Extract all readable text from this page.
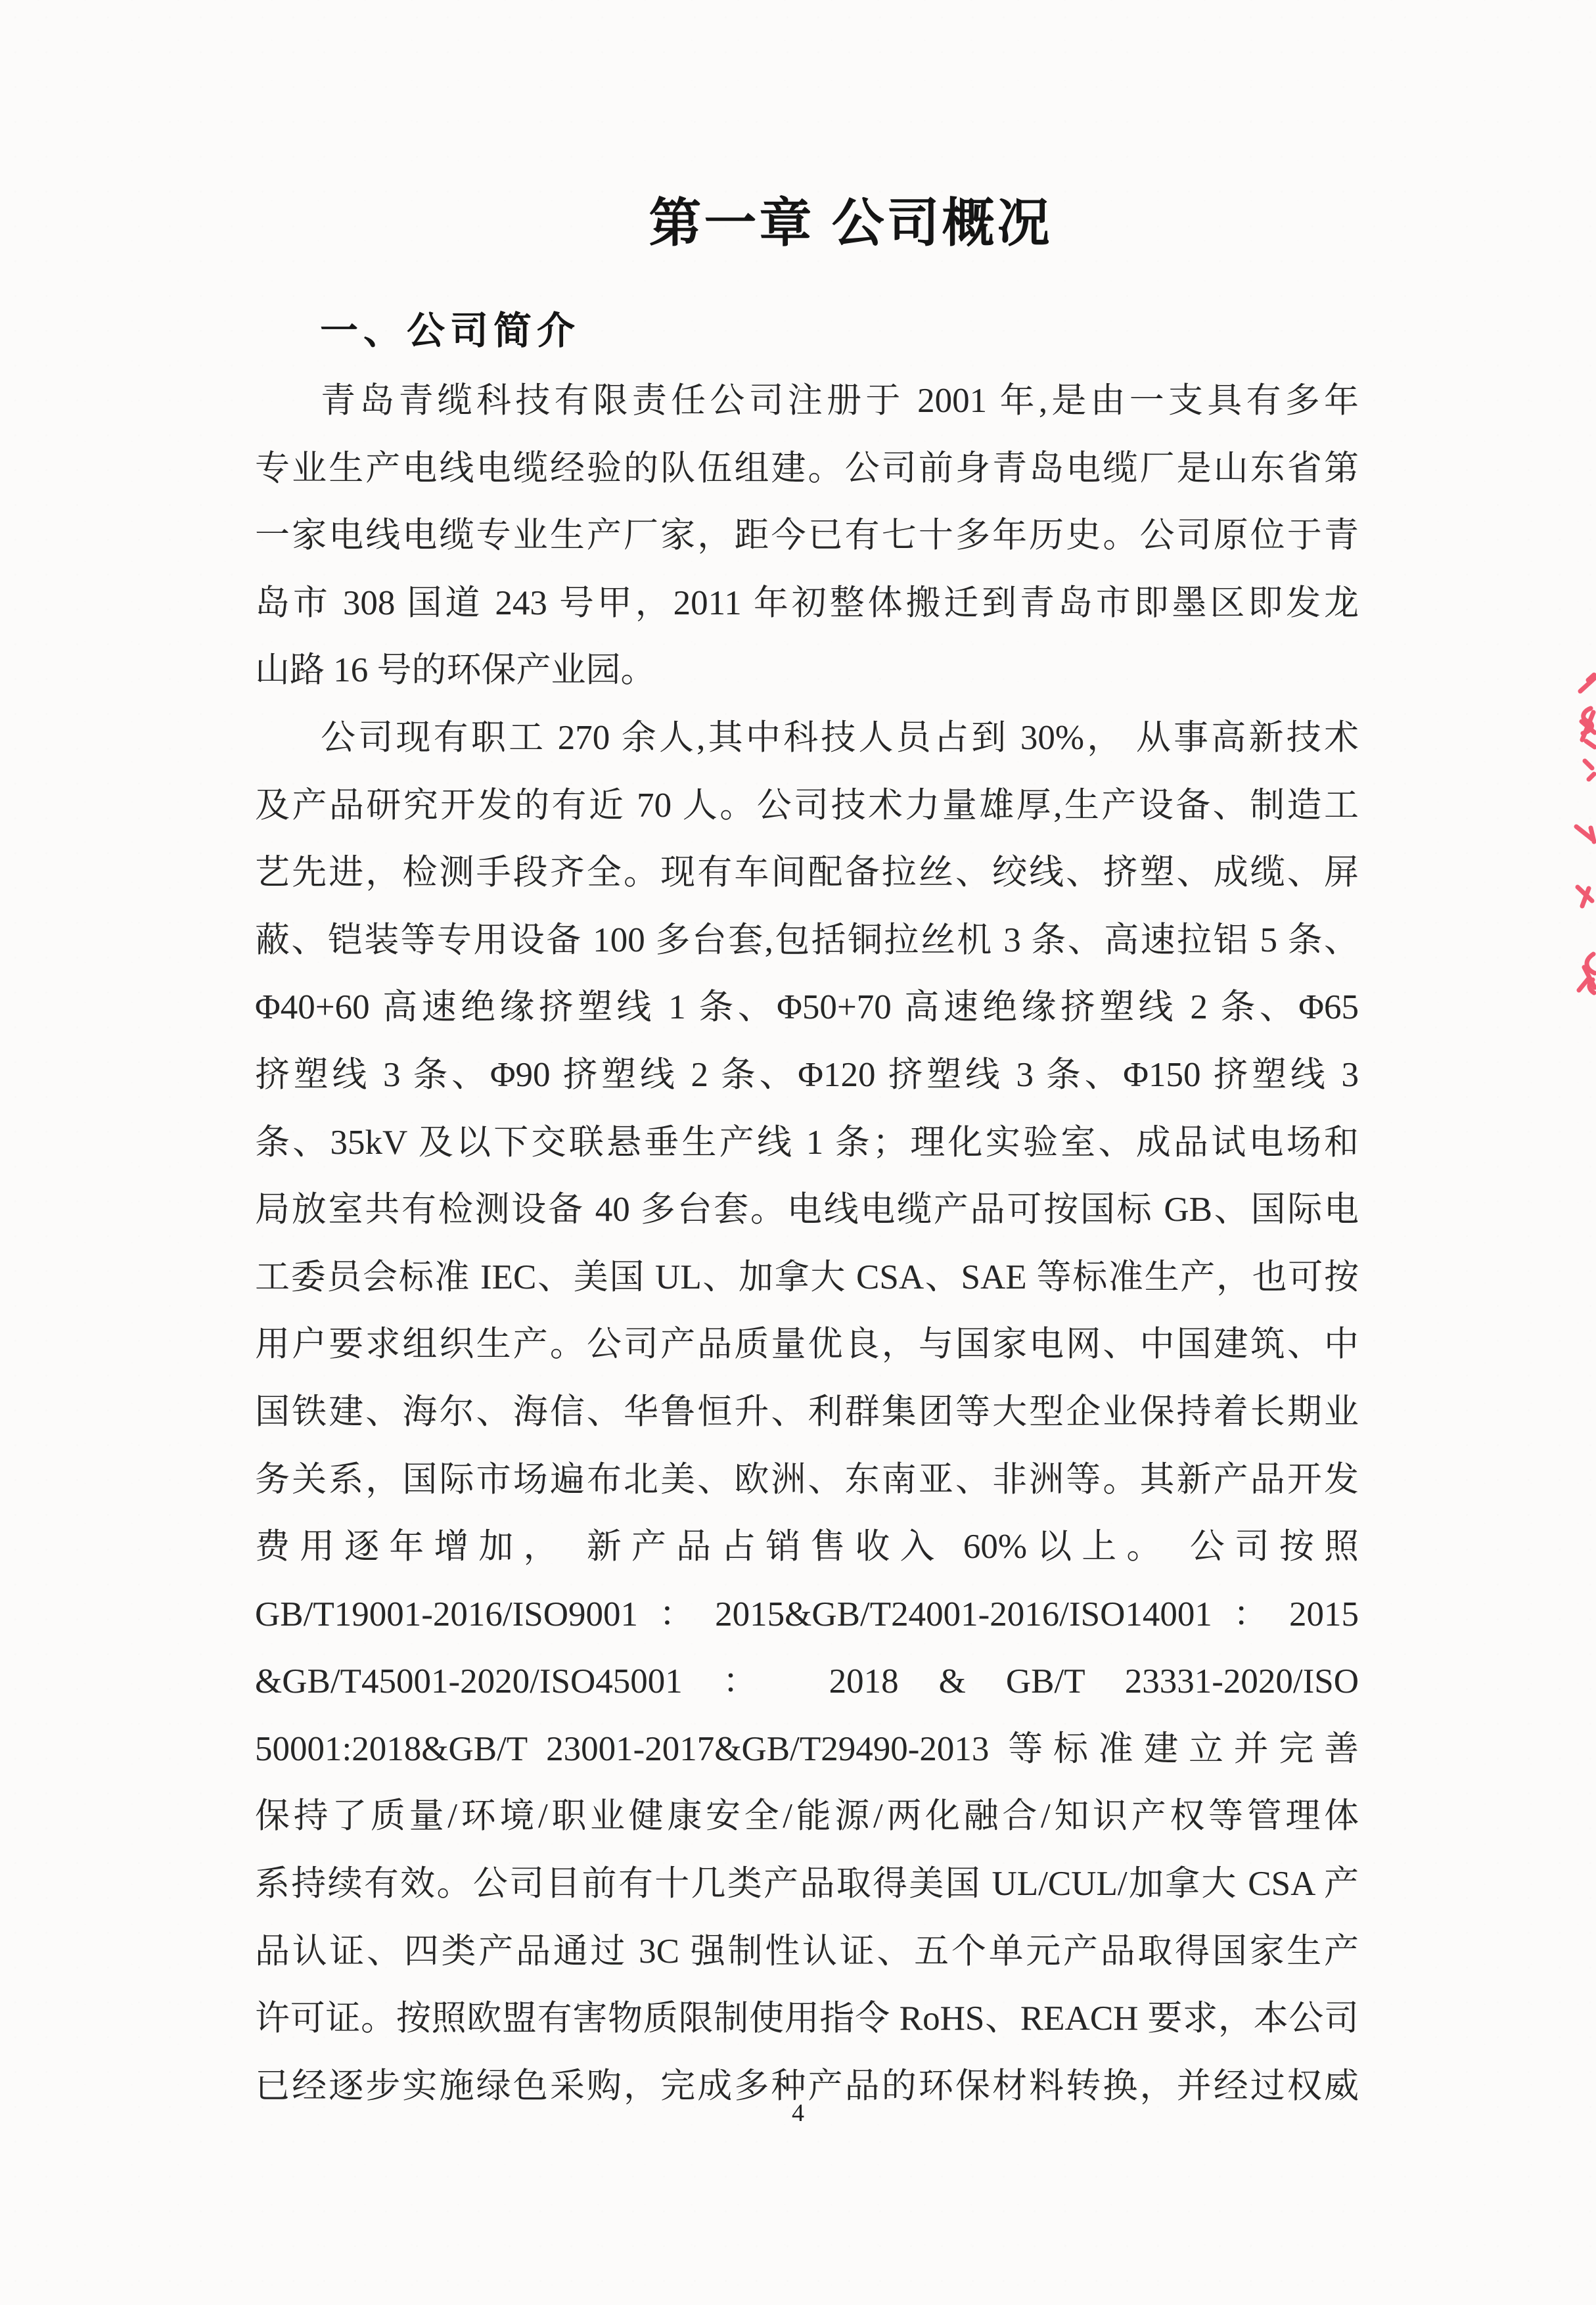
第一章 公司概况
一、公司简介
青岛青缆科技有限责任公司注册于 2001 年,是由一支具有多年
专业生产电线电缆经验的队伍组建。公司前身青岛电缆厂是山东省第
一家电线电缆专业生产厂家，距今已有七十多年历史。公司原位于青
岛市 308 国道 243 号甲，2011 年初整体搬迁到青岛市即墨区即发龙
山路 16 号的环保产业园。
公司现有职工 270 余人,其中科技人员占到 30%， 从事高新技术
及产品研究开发的有近 70 人。公司技术力量雄厚,生产设备、制造工
艺先进，检测手段齐全。现有车间配备拉丝、绞线、挤塑、成缆、屏
蔽、铠装等专用设备 100 多台套,包括铜拉丝机 3 条、高速拉铝 5 条、
Φ40+60 高速绝缘挤塑线 1 条、Φ50+70 高速绝缘挤塑线 2 条、Φ65
挤塑线 3 条、Φ90 挤塑线 2 条、Φ120 挤塑线 3 条、Φ150 挤塑线 3
条、35kV 及以下交联悬垂生产线 1 条；理化实验室、成品试电场和
局放室共有检测设备 40 多台套。电线电缆产品可按国标 GB、国际电
工委员会标准 IEC、美国 UL、加拿大 CSA、SAE 等标准生产，也可按
用户要求组织生产。公司产品质量优良，与国家电网、中国建筑、中
国铁建、海尔、海信、华鲁恒升、利群集团等大型企业保持着长期业
务关系，国际市场遍布北美、欧洲、东南亚、非洲等。其新产品开发
费用逐年增加， 新产品占销售收入 60%以上。 公司按照
GB/T19001-2016/ISO9001：2015&GB/T24001-2016/ISO14001：2015
&GB/T45001-2020/ISO45001 ： 2018 & GB/T 23331-2020/ISO
50001:2018&GB/T 23001-2017&GB/T29490-2013 等标准建立并完善
保持了质量/环境/职业健康安全/能源/两化融合/知识产权等管理体
系持续有效。公司目前有十几类产品取得美国 UL/CUL/加拿大 CSA 产
品认证、四类产品通过 3C 强制性认证、五个单元产品取得国家生产
许可证。按照欧盟有害物质限制使用指令 RoHS、REACH 要求，本公司
已经逐步实施绿色采购，完成多种产品的环保材料转换，并经过权威
4
